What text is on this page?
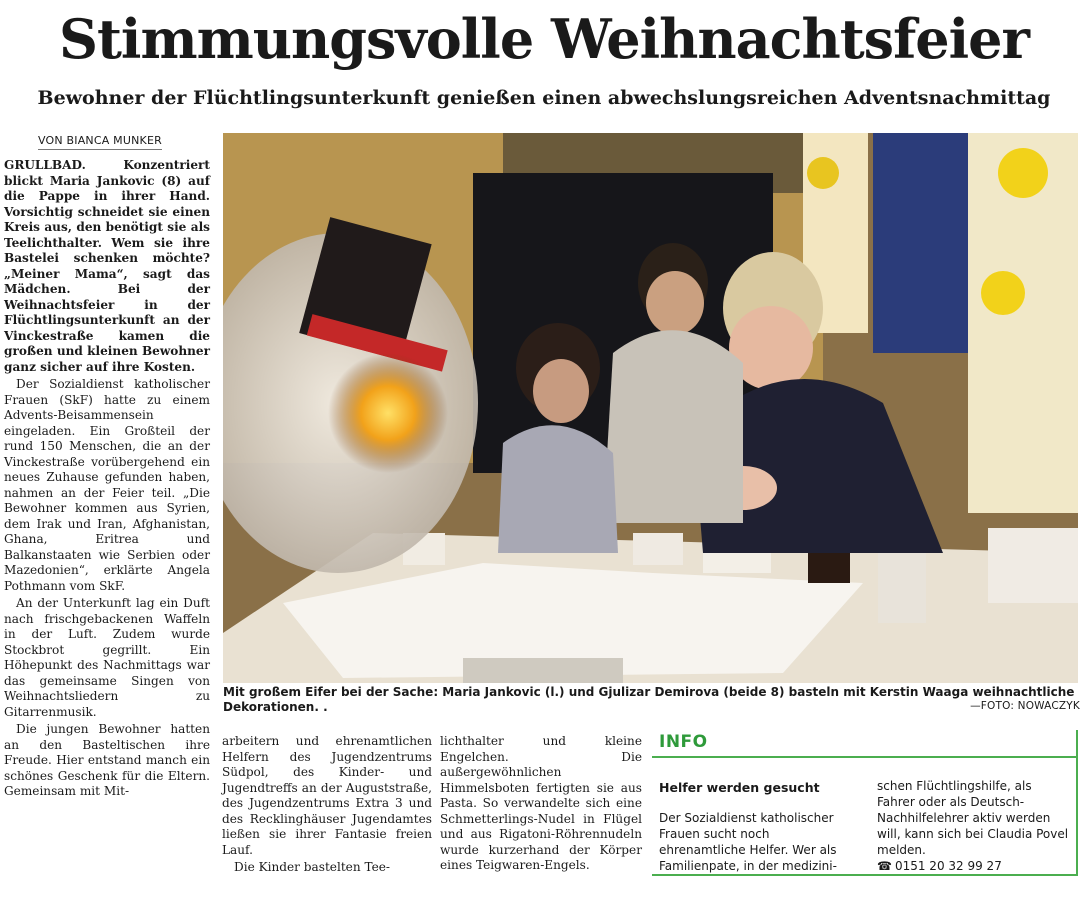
Stimmungsvolle Weihnachtsfeier
Bewohner der Flüchtlingsunterkunft genießen einen abwechslungsreichen Adventsnachmittag
VON BIANCA MUNKER

GRULLBAD.	Konzentriert blickt Maria Jankovic (8) auf die Pappe in ihrer Hand. Vorsichtig schneidet sie einen Kreis aus, den benötigt sie als Teelichthalter. Wem sie ihre Bastelei schenken möchte? „Meiner Mama“, sagt das Mädchen. Bei der Weihnachtsfeier in der Flüchtlingsunterkunft an der Vinckestraße kamen die großen und kleinen Bewohner ganz sicher auf ihre Kosten.

Der Sozialdienst katholischer Frauen (SkF) hatte zu einem Advents-Beisammensein eingeladen. Ein Großteil der rund 150 Menschen, die an der Vinckestraße vorübergehend ein neues Zuhause gefunden haben, nahmen an der Feier teil. „Die Bewohner kommen aus Syrien, dem Irak und Iran, Afghanistan, Ghana, Eritrea und Balkanstaaten wie Serbien oder Mazedonien“, erklärte Angela Pothmann vom SkF.

An der Unterkunft lag ein Duft nach frischgebackenen Waffeln in der Luft. Zudem wurde Stockbrot gegrillt. Ein Höhepunkt des Nachmittags war das gemeinsame Singen von Weihnachtsliedern zu Gitarrenmusik.

Die jungen Bewohner hatten an den Basteltischen ihre Freude. Hier entstand manch ein schönes Geschenk für die Eltern. Gemeinsam mit Mit-

Mit großem Eifer bei der Sache: Maria Jankovic (l.) und Gjulizar Demirova (beide 8) basteln mit Kerstin Waaga weihnachtliche Dekorationen. .	—FOTO: NOWACZYK

arbeitern und ehrenamtlichen Helfern des Jugendzentrums Südpol, des Kinder- und Jugendtreffs an der Auguststraße, des Jugendzentrums Extra 3 und des Recklinghäuser Jugendamtes ließen sie ihrer Fantasie freien Lauf.

Die Kinder bastelten Tee-

lichthalter und kleine Engelchen. Die außergewöhnlichen Himmelsboten fertigten sie aus Pasta. So verwandelte sich eine Schmetterlings-Nudel in Flügel und aus Rigatoni-Röhrennudeln wurde kurzerhand der Körper eines Teigwaren-Engels.

INFO
Helfer werden gesucht
Der Sozialdienst katholischer Frauen sucht noch ehrenamtliche Helfer. Wer als Familienpate, in der medizini-
schen Flüchtlingshilfe, als Fahrer oder als Deutsch-Nachhilfelehrer aktiv werden will, kann sich bei Claudia Povel melden.
☎ 0151 20 32 99 27
